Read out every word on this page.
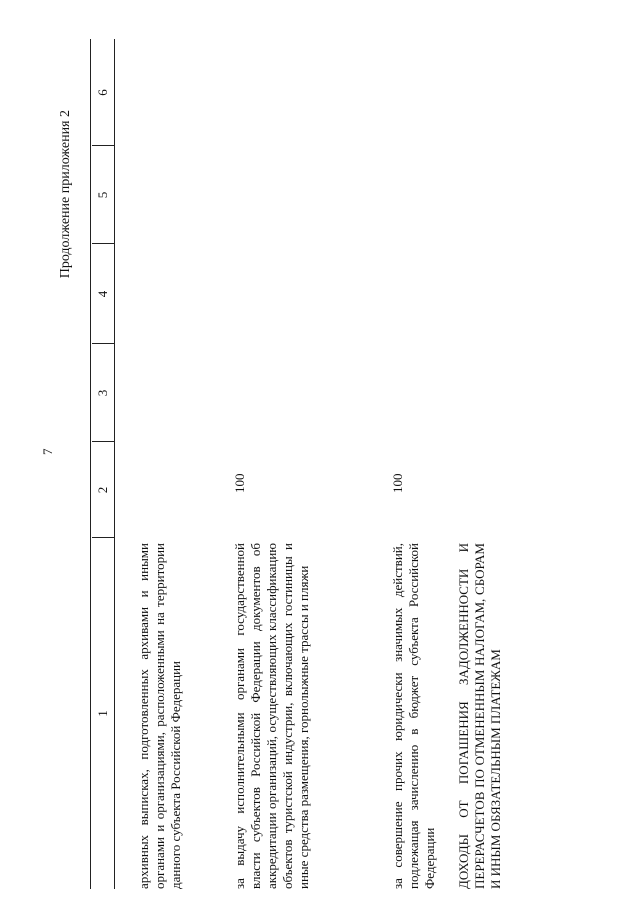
7
Продолжение приложения 2
1
2
3
4
5
6
архивных выписках, подготовленных архивами и иными органами и организациями, расположенными на территории данного субъекта Российской Федерации	за выдачу исполнительными органами государственной власти субъектов Российской Федерации документов об аккредитации организаций, осуществляющих классификацию объектов туристской индустрии, включающих гостиницы и иные средства размещения, горнолыжные трассы и пляжи
100
за совершение прочих юридически значимых действий, подлежащая зачислению в бюджет субъекта Российской Федерации
100
ДОХОДЫ ОТ ПОГАШЕНИЯ ЗАДОЛЖЕННОСТИ И ПЕРЕРАСЧЕТОВ ПО ОТМЕНЕННЫМ НАЛОГАМ, СБОРАМ И ИНЫМ ОБЯЗАТЕЛЬНЫМ ПЛАТЕЖАМ
